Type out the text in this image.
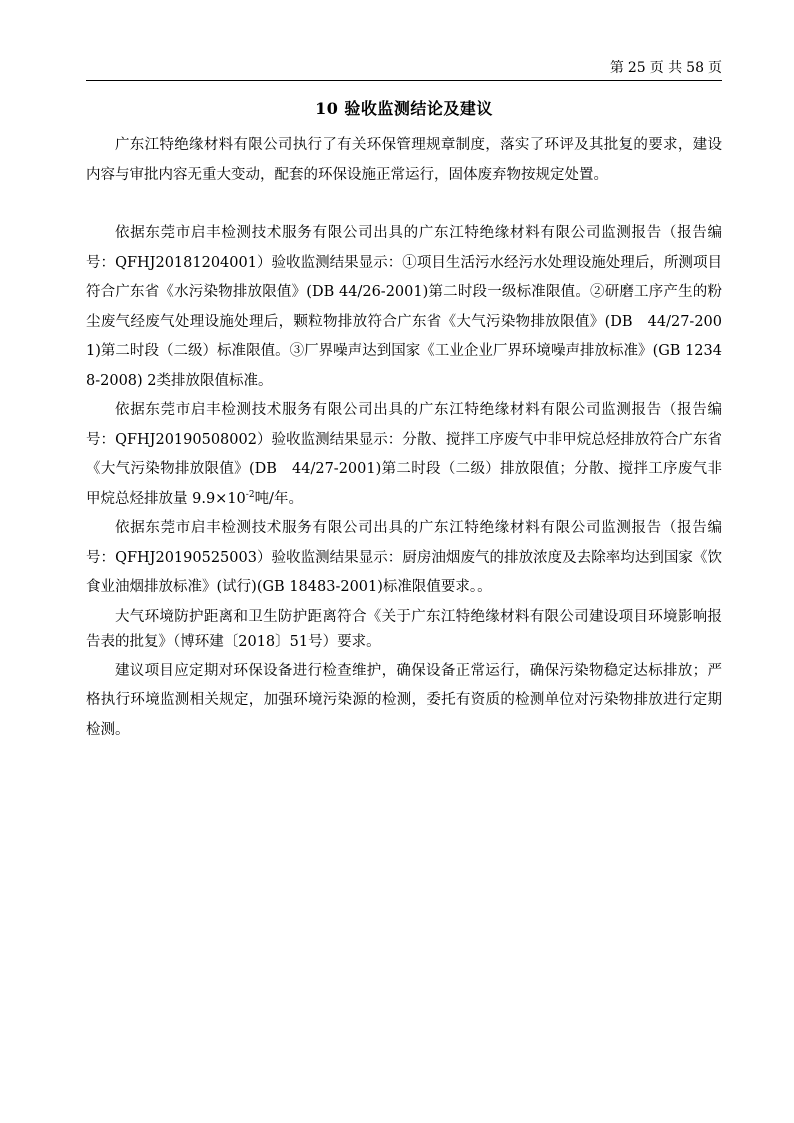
第 25 页 共 58 页
10 验收监测结论及建议

广东江特绝缘材料有限公司执行了有关环保管理规章制度，落实了环评及其批复的要求，建设内容与审批内容无重大变动，配套的环保设施正常运行，固体废弃物按规定处置。

依据东莞市启丰检测技术服务有限公司出具的广东江特绝缘材料有限公司监测报告（报告编号：QFHJ20181204001）验收监测结果显示：①项目生活污水经污水处理设施处理后，所测项目符合广东省《水污染物排放限值》(DB 44/26-2001)第二时段一级标准限值。②研磨工序产生的粉尘废气经废气处理设施处理后，颗粒物排放符合广东省《大气污染物排放限值》(DB　44/27-2001)第二时段（二级）标准限值。③厂界噪声达到国家《工业企业厂界环境噪声排放标准》(GB 12348-2008) 2类排放限值标准。

依据东莞市启丰检测技术服务有限公司出具的广东江特绝缘材料有限公司监测报告（报告编号：QFHJ20190508002）验收监测结果显示：分散、搅拌工序废气中非甲烷总烃排放符合广东省《大气污染物排放限值》(DB　44/27-2001)第二时段（二级）排放限值；分散、搅拌工序废气非甲烷总烃排放量 $9.9\times 10^{-2}$吨/年。

依据东莞市启丰检测技术服务有限公司出具的广东江特绝缘材料有限公司监测报告（报告编号：QFHJ20190525003）验收监测结果显示：厨房油烟废气的排放浓度及去除率均达到国家《饮食业油烟排放标准》(试行)(GB 18483-2001)标准限值要求。。

大气环境防护距离和卫生防护距离符合《关于广东江特绝缘材料有限公司建设项目环境影响报告表的批复》（博环建〔2018〕51号）要求。

建议项目应定期对环保设备进行检查维护，确保设备正常运行，确保污染物稳定达标排放；严格执行环境监测相关规定，加强环境污染源的检测，委托有资质的检测单位对污染物排放进行定期检测。
